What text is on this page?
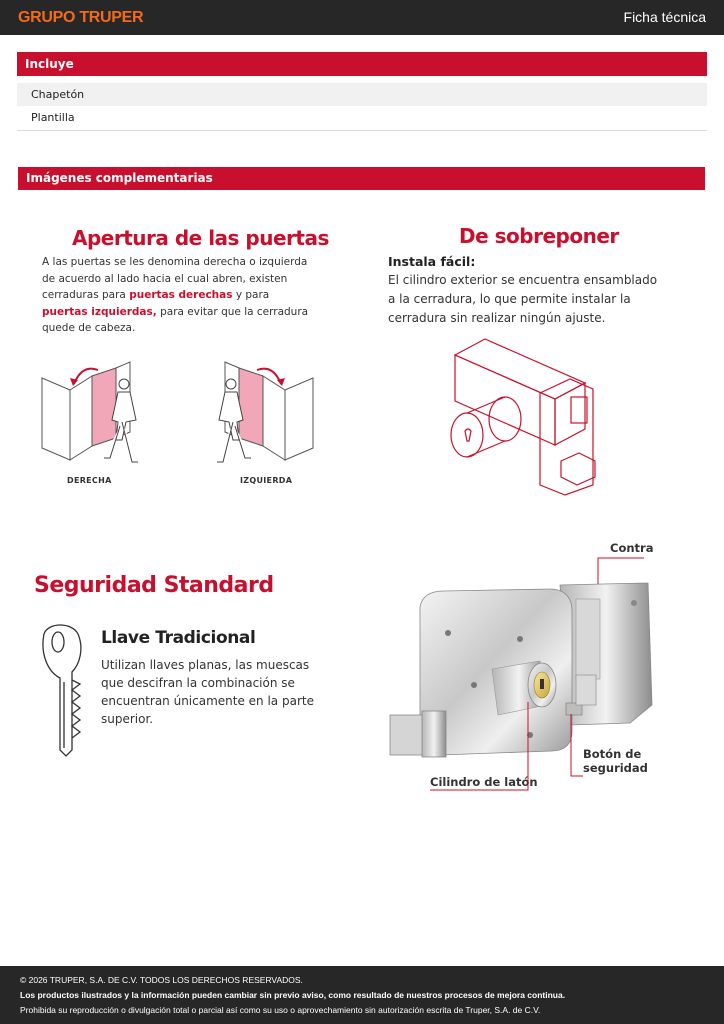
GRUPO TRUPER	Ficha técnica
Incluye
Chapetón
Plantilla
Imágenes complementarias
Apertura de las puertas
A las puertas se les denomina derecha o izquierda de acuerdo al lado hacia el cual abren, existen cerraduras para puertas derechas y para puertas izquierdas, para evitar que la cerradura quede de cabeza.
DERECHA	IZQUIERDA
De sobreponer
Instala fácil:
El cilindro exterior se encuentra ensamblado a la cerradura, lo que permite instalar la cerradura sin realizar ningún ajuste.
Seguridad Standard
Llave Tradicional
Utilizan llaves planas, las muescas que descifran la combinación se encuentran únicamente en la parte superior.
Contra
Botón de
seguridad
Cilindro de latón
© 2026 TRUPER, S.A. DE C.V. TODOS LOS DERECHOS RESERVADOS.
Los productos ilustrados y la información pueden cambiar sin previo aviso, como resultado de nuestros procesos de mejora continua.
Prohibida su reproducción o divulgación total o parcial así como su uso o aprovechamiento sin autorización escrita de Truper, S.A. de C.V.
